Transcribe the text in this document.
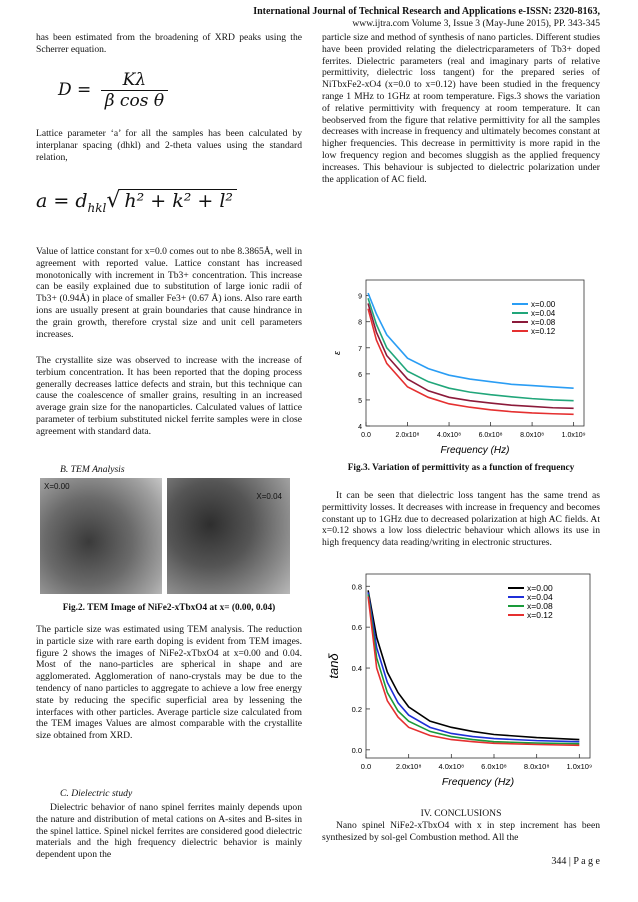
International Journal of Technical Research and Applications e-ISSN: 2320-8163,
www.ijtra.com Volume 3, Issue 3 (May-June 2015), PP. 343-345

has been estimated from the broadening of XRD peaks using the Scherrer equation.

$D = \frac{K\lambda}{\text{β cos θ}}$

Lattice parameter ‘a’ for all the samples has been calculated by interplanar spacing (dhkl) and 2-theta values using the standard relation,

$a = d_{hkl}√$ h² + k² + l²

Value of lattice constant for x=0.0 comes out to nbe 8.3865Å, well in agreement with reported value. Lattice constant has increased monotonically with increment in Tb3+ concentration. This increase can be easily explained due to substitution of large ionic radii of Tb3+ (0.94Å) in place of smaller Fe3+ (0.67 Å) ions. Also rare earth ions are usually present at grain boundaries that cause hindrance in the grain growth, therefore crystal size and unit cell parameters increases.

The crystallite size was observed to increase with the increase of terbium concentration. It has been reported that the doping process generally decreases lattice defects and strain, but this technique can cause the coalescence of smaller grains, resulting in an increased average grain size for the nanoparticles. Calculated values of lattice parameter of terbium substituted nickel ferrite samples were in close agreement with standard data.

B. TEM Analysis
X=0.00
X=0.04
Fig.2. TEM Image of NiFe2-xTbxO4 at x= (0.00, 0.04)

The particle size was estimated using TEM analysis. The reduction in particle size with rare earth doping is evident from TEM images. figure 2 shows the images of NiFe2-xTbxO4 at x=0.00 and 0.04. Most of the nano-particles are spherical in shape and are agglomerated. Agglomeration of nano-crystals may be due to the tendency of nano particles to aggregate to achieve a low free energy state by reducing the specific superficial area by lessening the interfaces with other particles. Average particle size calculated from the TEM images Values are almost comparable with the crystallite size obtained from XRD.

C. Dielectric study

Dielectric behavior of nano spinel ferrites mainly depends upon the nature and distribution of metal cations on A-sites and B-sites in the spinel lattice. Spinel nickel ferrites are considered good dielectric materials and the high frequency dielectric behavior is mainly dependent upon the

particle size and method of synthesis of nano particles. Different studies have been provided relating the dielectricparameters of Tb3+ doped ferrites. Dielectric parameters (real and imaginary parts of relative permittivity, dielectric loss tangent) for the prepared series of NiTbxFe2-xO4 (x=0.0 to x=0.12) have been studied in the frequency range 1 MHz to 1GHz at room temperature. Figs.3 shows the variation of relative permittivity with frequency at room temperature. It can beobserved from the figure that relative permittivity for all the samples decreases with increase in frequency and ultimately becomes constant at higher frequencies. This decrease in permittivity is more rapid in the low frequency region and becomes sluggish as the applied frequency increases. This behaviour is subjected to dielectric polarization under the application of AC field.

4
5
6
7
8
9
0.0	2.0x10⁸	4.0x10⁸	6.0x10⁸	8.0x10⁸	1.0x10⁹
Frequency (Hz)
ε
x=0.00
x=0.04
x=0.08
x=0.12
Fig.3. Variation of permittivity as a function of frequency

It can be seen that dielectric loss tangent has the same trend as permittivity losses. It decreases with increase in frequency and becomes constant up to 1GHz due to decreased polarization at high AC fields. At x=0.12 shows a low loss dielectric behaviour which allows its use in high frequency data reading/writing in electronic structures.

0.0
0.2
0.4
0.6
0.8
0.0	2.0x10⁸ 4.0x10⁸ 6.0x10⁸ 8.0x10⁸ 1.0x10⁹
Frequency (Hz)
tanδ
x=0.00
x=0.04
x=0.08
x=0.12
IV. CONCLUSIONS

Nano spinel NiFe2-xTbxO4 with x in step increment has been synthesized by sol-gel Combustion method. All the

344 | P a g e
